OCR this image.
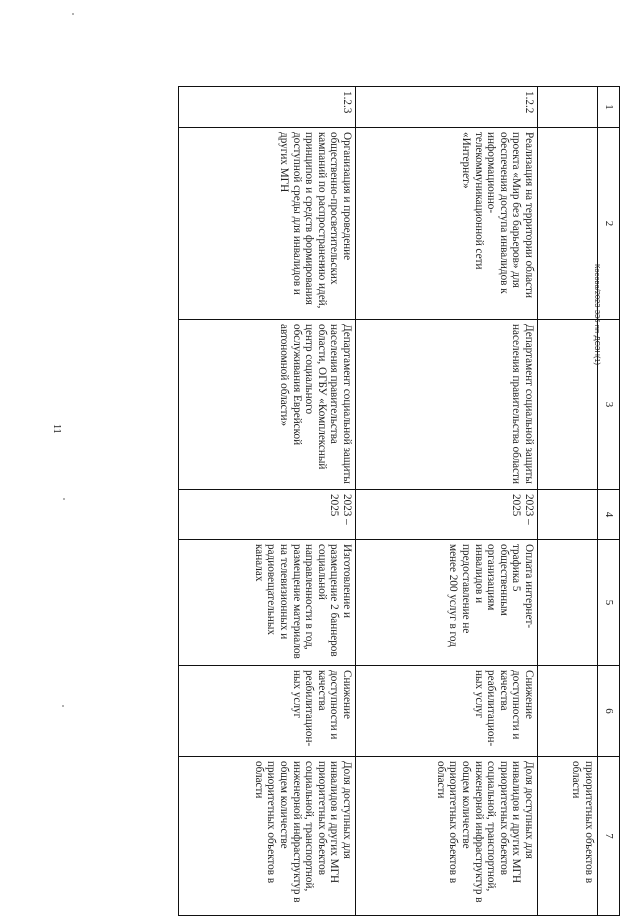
11
Косова/2023-336-пп-ДСЗН(1)
1	2	3	4	5	6	7
						приоритетных объектов в области
1.2.2	Реализация на территории области проекта «Мир без барьеров» для обеспечения доступа инвалидов к информационно-телекоммуникационной сети «Интернет»	Департамент социальной защиты населения правительства области	2023 – 2025	Оплата интернет-трафика 5 общественным организациям инвалидов и предоставление не менее 200 услуг в год	Снижение доступности и качества реабилитацион-ных услуг	Доля доступных для инвалидов и других МГН приоритетных объектов социальной, транспортной, инженерной инфраструктур в общем количестве приоритетных объектов в области
1.2.3	Организация и проведение общественно-просветительских кампаний по распространению идей, принципов и средств формирования доступной среды для инвалидов и других МГН	Департамент социальной защиты населения правительства области, ОГБУ «Комплексный центр социального обслуживания Еврейской автономной области»	2023 – 2025	Изготовление и размещение 2 баннеров социальной направленности в год, размещение материалов на телевизионных и радиовещательных каналах	Снижение доступности и качества реабилитацион-ных услуг	Доля доступных для инвалидов и других МГН приоритетных объектов социальной, транспортной, инженерной инфраструктур в общем количестве приоритетных объектов в области
